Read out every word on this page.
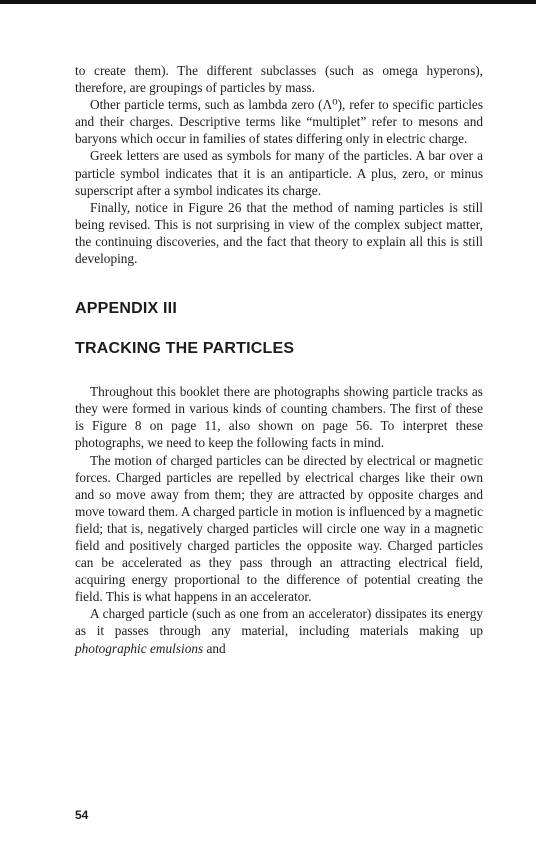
to create them). The different subclasses (such as omega hyperons), therefore, are groupings of particles by mass.

Other particle terms, such as lambda zero (Λ⁰), refer to specific particles and their charges. Descriptive terms like “multiplet” refer to mesons and baryons which occur in families of states differing only in electric charge.

Greek letters are used as symbols for many of the particles. A bar over a particle symbol indicates that it is an antiparticle. A plus, zero, or minus superscript after a symbol indicates its charge.

Finally, notice in Figure 26 that the method of naming particles is still being revised. This is not surprising in view of the complex subject matter, the continuing discoveries, and the fact that theory to explain all this is still developing.

APPENDIX III
TRACKING THE PARTICLES

Throughout this booklet there are photographs showing particle tracks as they were formed in various kinds of counting chambers. The first of these is Figure 8 on page 11, also shown on page 56. To interpret these photographs, we need to keep the following facts in mind.

The motion of charged particles can be directed by electrical or magnetic forces. Charged particles are repelled by electrical charges like their own and so move away from them; they are attracted by opposite charges and move toward them. A charged particle in motion is influenced by a magnetic field; that is, negatively charged particles will circle one way in a magnetic field and positively charged particles the opposite way. Charged particles can be accelerated as they pass through an attracting electrical field, acquiring energy proportional to the difference of potential creating the field. This is what happens in an accelerator.

A charged particle (such as one from an accelerator) dissipates its energy as it passes through any material, including materials making up photographic emulsions and

54
